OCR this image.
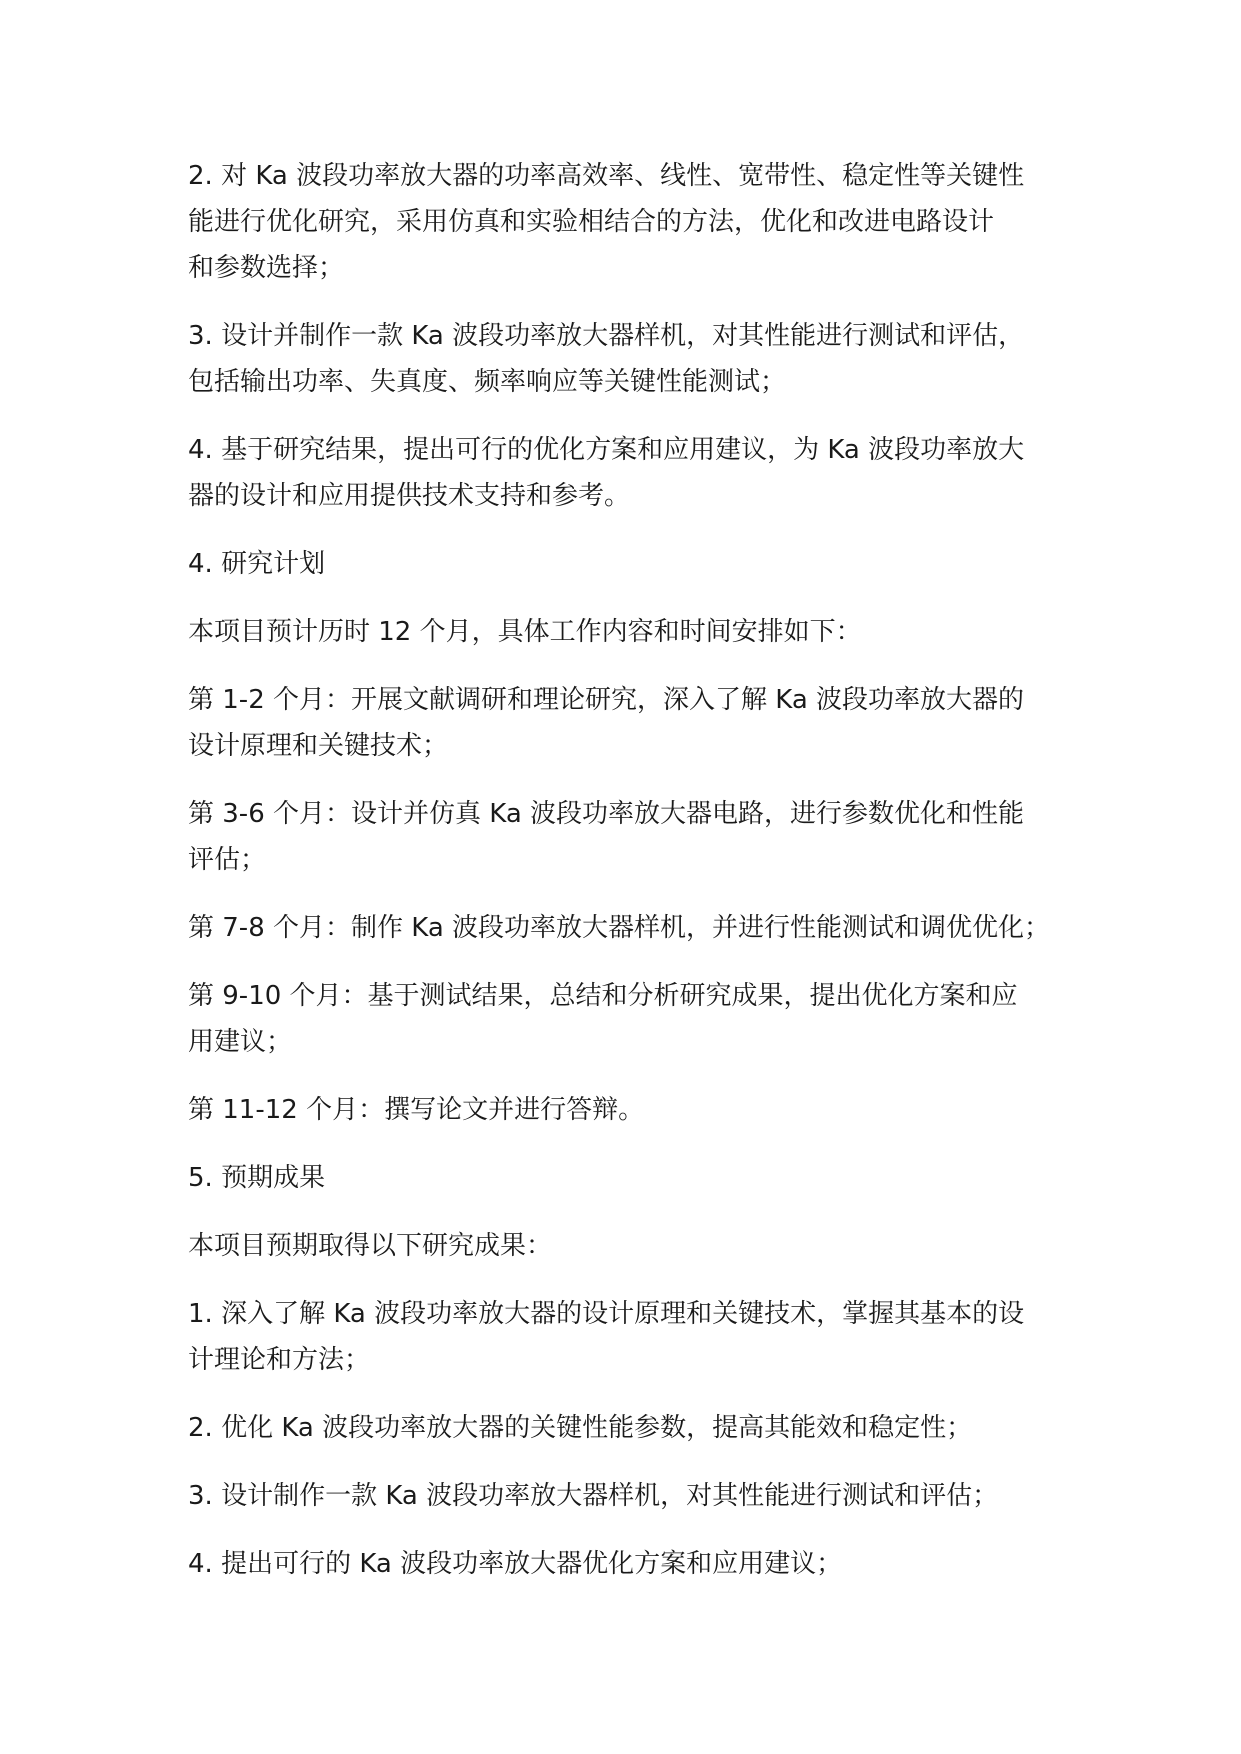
2. 对 Ka 波段功率放大器的功率高效率、线性、宽带性、稳定性等关键性
能进行优化研究，采用仿真和实验相结合的方法，优化和改进电路设计
和参数选择；

3. 设计并制作一款 Ka 波段功率放大器样机，对其性能进行测试和评估，
包括输出功率、失真度、频率响应等关键性能测试；

4. 基于研究结果，提出可行的优化方案和应用建议，为 Ka 波段功率放大
器的设计和应用提供技术支持和参考。

4. 研究计划

本项目预计历时 12 个月，具体工作内容和时间安排如下：

第 1-2 个月：开展文献调研和理论研究，深入了解 Ka 波段功率放大器的
设计原理和关键技术；

第 3-6 个月：设计并仿真 Ka 波段功率放大器电路，进行参数优化和性能
评估；

第 7-8 个月：制作 Ka 波段功率放大器样机，并进行性能测试和调优优化；

第 9-10 个月：基于测试结果，总结和分析研究成果，提出优化方案和应
用建议；

第 11-12 个月：撰写论文并进行答辩。

5. 预期成果

本项目预期取得以下研究成果：

1. 深入了解 Ka 波段功率放大器的设计原理和关键技术，掌握其基本的设
计理论和方法；

2. 优化 Ka 波段功率放大器的关键性能参数，提高其能效和稳定性；

3. 设计制作一款 Ka 波段功率放大器样机，对其性能进行测试和评估；

4. 提出可行的 Ka 波段功率放大器优化方案和应用建议；
